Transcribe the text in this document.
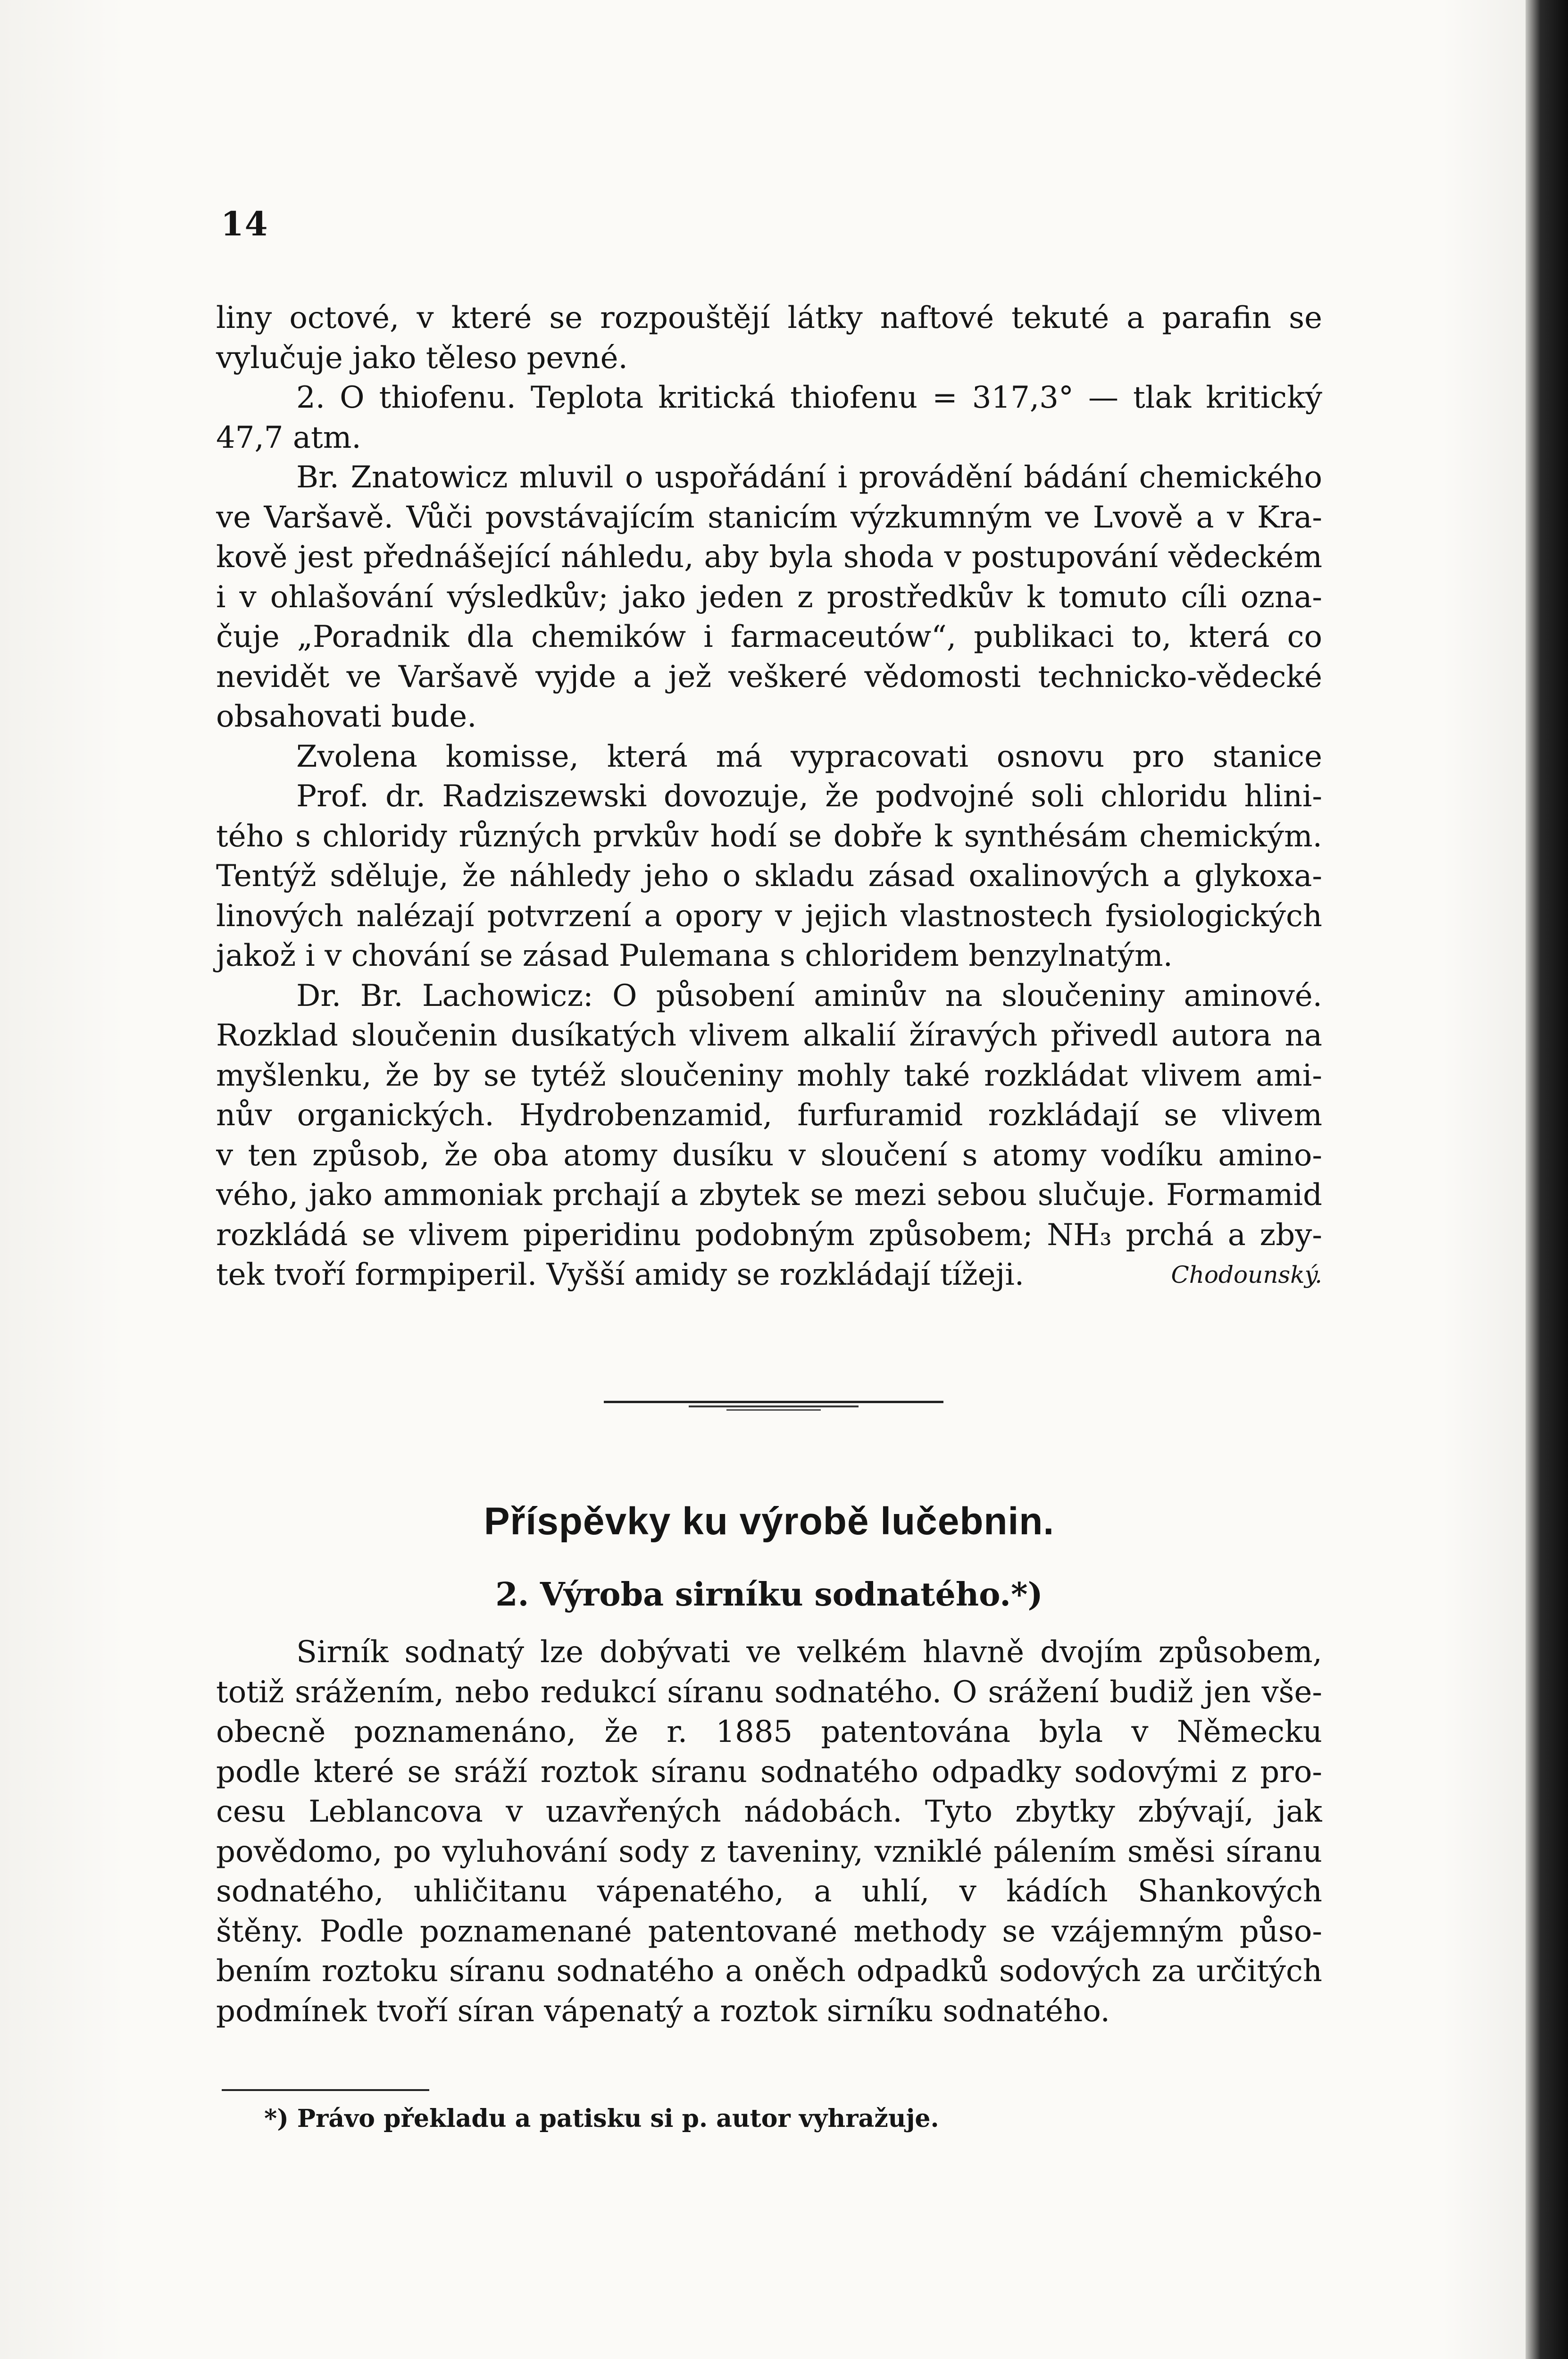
14
liny octové, v které se rozpouštějí látky naftové tekuté a parafin se
vylučuje jako těleso pevné.
2. O thiofenu. Teplota kritická thiofenu = 317,3° — tlak kritický
47,7 atm.
Br. Znatowicz mluvil o uspořádání i provádění bádání chemického
ve Varšavě. Vůči povstávajícím stanicím výzkumným ve Lvově a v Kra-
kově jest přednášející náhledu, aby byla shoda v postupování vědeckém
i v ohlašování výsledkův; jako jeden z prostředkův k tomuto cíli ozna-
čuje „Poradnik dla chemików i farmaceutów“, publikaci to, která co
nevidět ve Varšavě vyjde a jež veškeré vědomosti technicko-vědecké
obsahovati bude.
Zvolena komisse, která má vypracovati osnovu pro stanice
Prof. dr. Radziszewski dovozuje, že podvojné soli chloridu hlini-
tého s chloridy různých prvkův hodí se dobře k synthésám chemickým.
Tentýž sděluje, že náhledy jeho o skladu zásad oxalinových a glykoxa-
linových nalézají potvrzení a opory v jejich vlastnostech fysiologických
jakož i v chování se zásad Pulemana s chloridem benzylnatým.
Dr. Br. Lachowicz: O působení aminův na sloučeniny aminové.
Rozklad sloučenin dusíkatých vlivem alkalií žíravých přivedl autora na
myšlenku, že by se tytéž sloučeniny mohly také rozkládat vlivem ami-
nův organických. Hydrobenzamid, furfuramid rozkládají se vlivem
v ten způsob, že oba atomy dusíku v sloučení s atomy vodíku amino-
vého, jako ammoniak prchají a zbytek se mezi sebou slučuje. Formamid
rozkládá se vlivem piperidinu podobným způsobem; NH₃ prchá a zby-
tek tvoří formpiperil. Vyšší amidy se rozkládají tížeji.	Chodounský.
Příspěvky ku výrobě lučebnin.
2. Výroba sirníku sodnatého.*)
Sirník sodnatý lze dobývati ve velkém hlavně dvojím způsobem,
totiž srážením, nebo redukcí síranu sodnatého. O srážení budiž jen vše-
obecně poznamenáno, že r. 1885 patentována byla v Německu
podle které se sráží roztok síranu sodnatého odpadky sodovými z pro-
cesu Leblancova v uzavřených nádobách. Tyto zbytky zbývají, jak
povědomo, po vyluhování sody z taveniny, vzniklé pálením směsi síranu
sodnatého, uhličitanu vápenatého, a uhlí, v kádích Shankových
štěny. Podle poznamenané patentované methody se vzájemným půso-
bením roztoku síranu sodnatého a oněch odpadků sodových za určitých
podmínek tvoří síran vápenatý a roztok sirníku sodnatého.
*) Právo překladu a patisku si p. autor vyhražuje.
